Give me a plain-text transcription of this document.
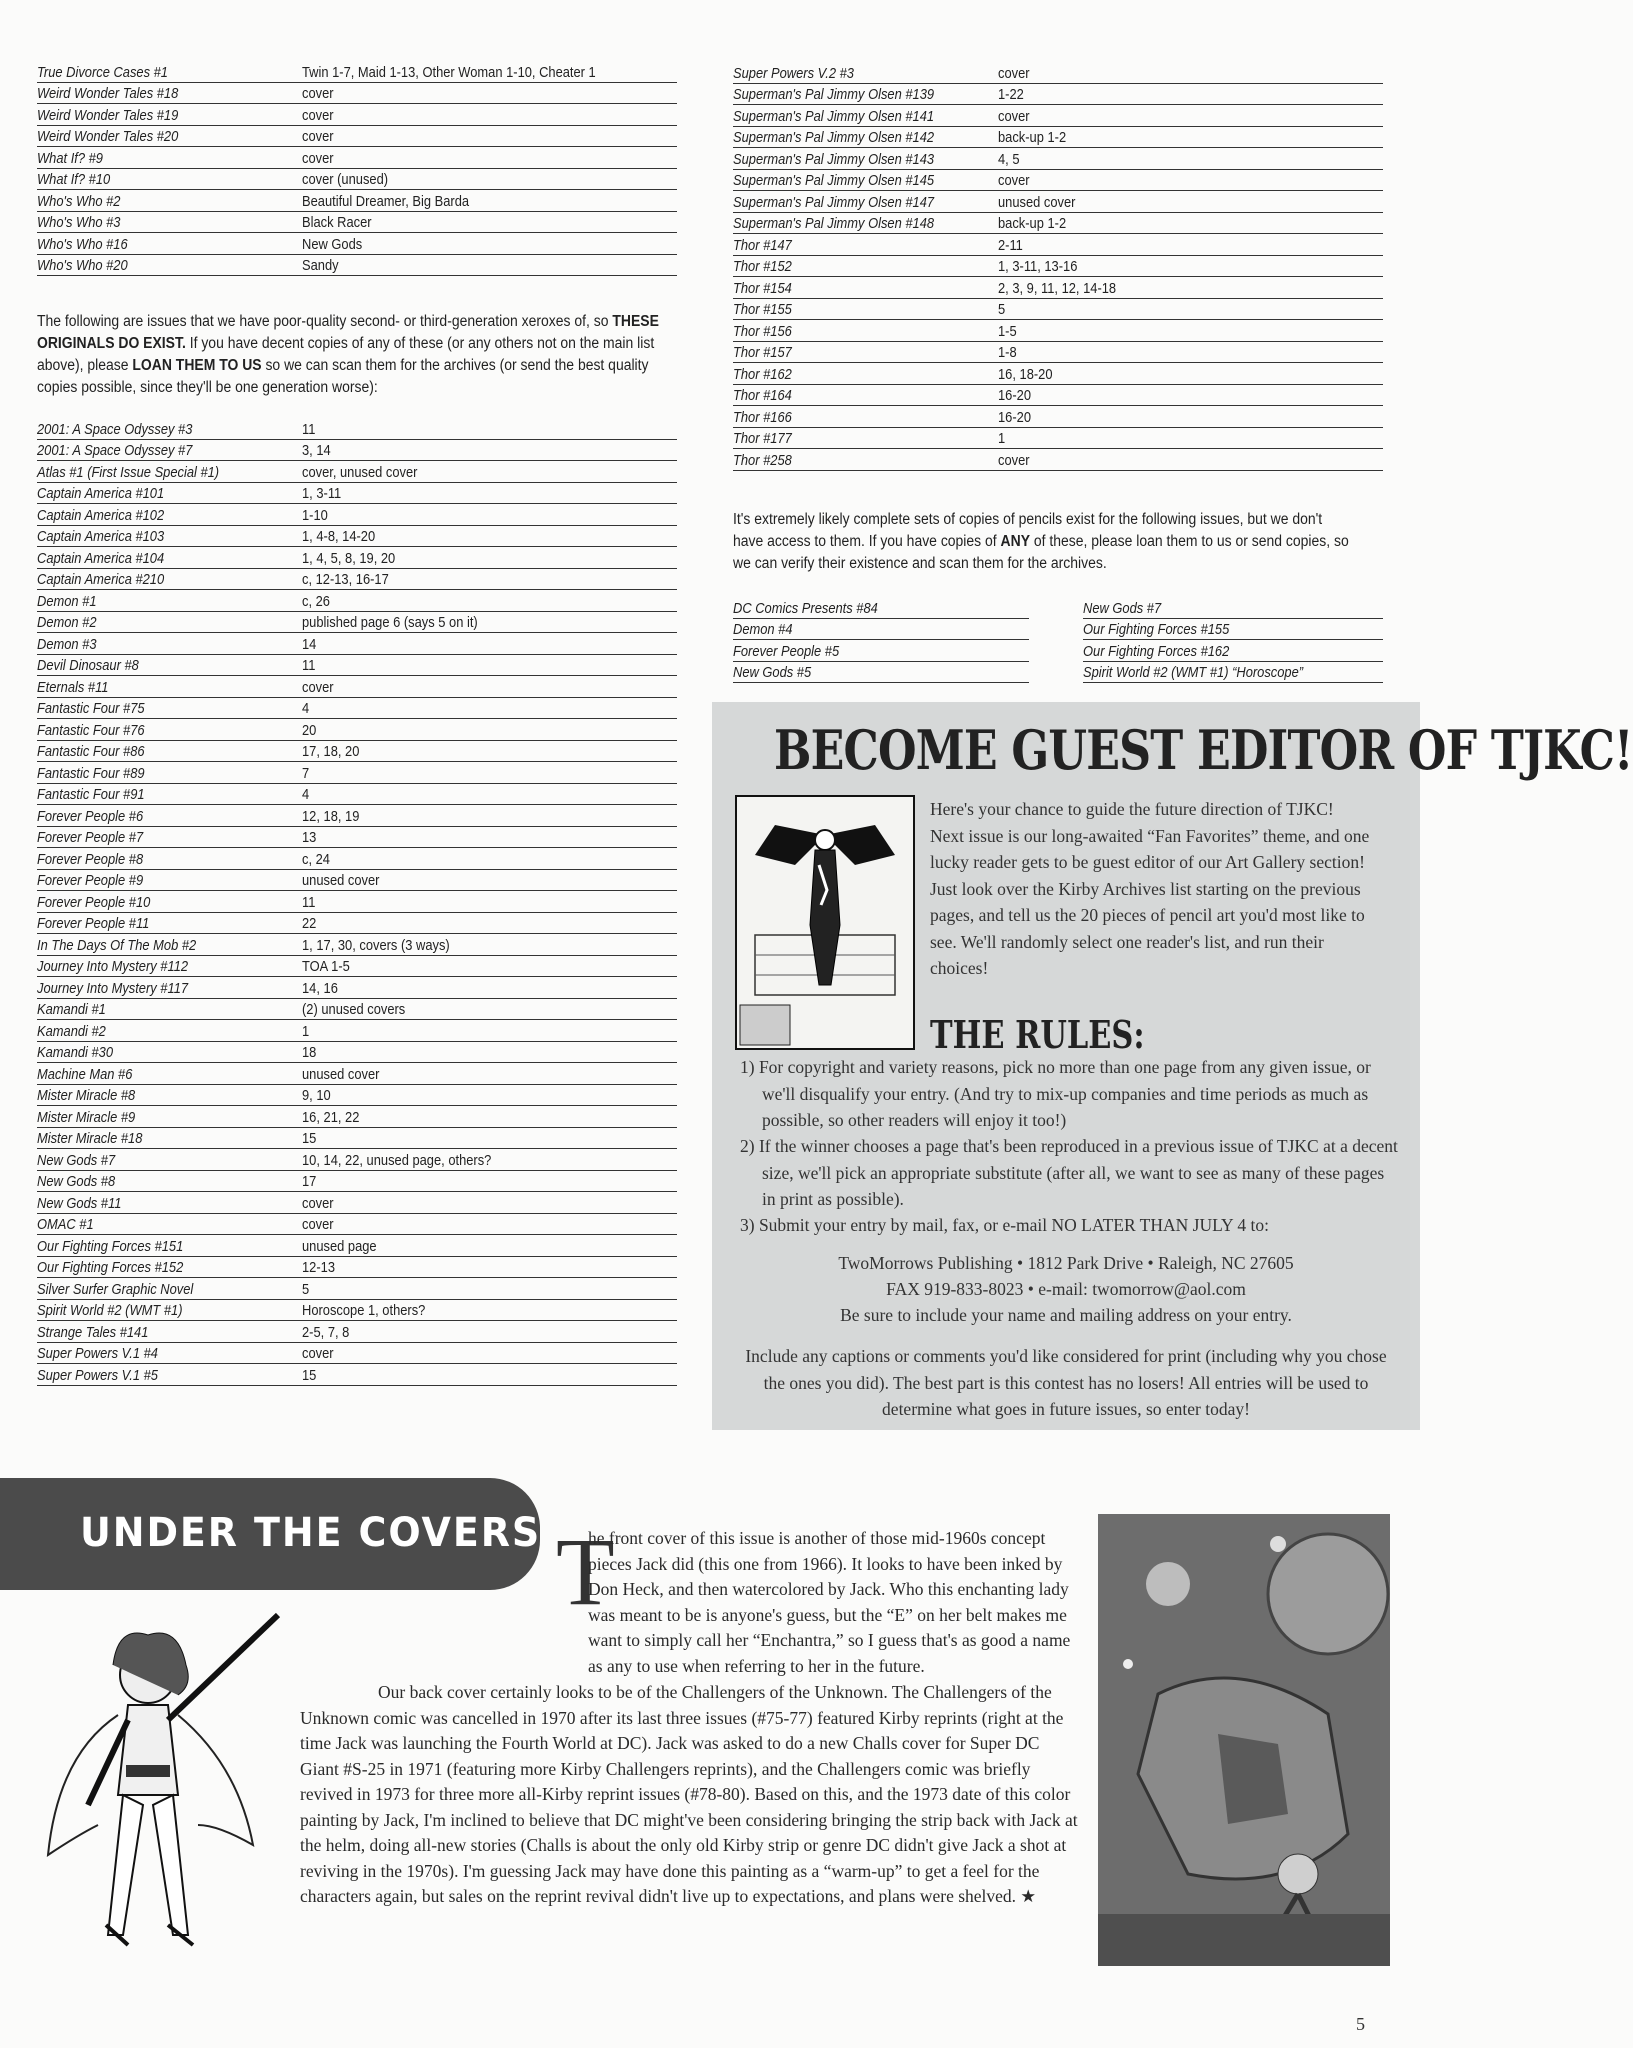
True Divorce Cases #1	Twin 1-7, Maid 1-13, Other Woman 1-10, Cheater 1
Weird Wonder Tales #18	cover
Weird Wonder Tales #19	cover
Weird Wonder Tales #20	cover
What If? #9	cover
What If? #10	cover (unused)
Who's Who #2	Beautiful Dreamer, Big Barda
Who's Who #3	Black Racer
Who's Who #16	New Gods
Who's Who #20	Sandy
The following are issues that we have poor-quality second- or third-generation xeroxes of, so THESE ORIGINALS DO EXIST. If you have decent copies of any of these (or any others not on the main list above), please LOAN THEM TO US so we can scan them for the archives (or send the best quality copies possible, since they'll be one generation worse):
2001: A Space Odyssey #3	11
2001: A Space Odyssey #7	3, 14
Atlas #1 (First Issue Special #1)	cover, unused cover
Captain America #101	1, 3-11
Captain America #102	1-10
Captain America #103	1, 4-8, 14-20
Captain America #104	1, 4, 5, 8, 19, 20
Captain America #210	c, 12-13, 16-17
Demon #1	c, 26
Demon #2	published page 6 (says 5 on it)
Demon #3	14
Devil Dinosaur #8	11
Eternals #11	cover
Fantastic Four #75	4
Fantastic Four #76	20
Fantastic Four #86	17, 18, 20
Fantastic Four #89	7
Fantastic Four #91	4
Forever People #6	12, 18, 19
Forever People #7	13
Forever People #8	c, 24
Forever People #9	unused cover
Forever People #10	11
Forever People #11	22
In The Days Of The Mob #2	1, 17, 30, covers (3 ways)
Journey Into Mystery #112	TOA 1-5
Journey Into Mystery #117	14, 16
Kamandi #1	(2) unused covers
Kamandi #2	1
Kamandi #30	18
Machine Man #6	unused cover
Mister Miracle #8	9, 10
Mister Miracle #9	16, 21, 22
Mister Miracle #18	15
New Gods #7	10, 14, 22, unused page, others?
New Gods #8	17
New Gods #11	cover
OMAC #1	cover
Our Fighting Forces #151	unused page
Our Fighting Forces #152	12-13
Silver Surfer Graphic Novel	5
Spirit World #2 (WMT #1)	Horoscope 1, others?
Strange Tales #141	2-5, 7, 8
Super Powers V.1 #4	cover
Super Powers V.1 #5	15
Super Powers V.2 #3	cover
Superman's Pal Jimmy Olsen #139	1-22
Superman's Pal Jimmy Olsen #141	cover
Superman's Pal Jimmy Olsen #142	back-up 1-2
Superman's Pal Jimmy Olsen #143	4, 5
Superman's Pal Jimmy Olsen #145	cover
Superman's Pal Jimmy Olsen #147	unused cover
Superman's Pal Jimmy Olsen #148	back-up 1-2
Thor #147	2-11
Thor #152	1, 3-11, 13-16
Thor #154	2, 3, 9, 11, 12, 14-18
Thor #155	5
Thor #156	1-5
Thor #157	1-8
Thor #162	16, 18-20
Thor #164	16-20
Thor #166	16-20
Thor #177	1
Thor #258	cover
It's extremely likely complete sets of copies of pencils exist for the following issues, but we don't have access to them. If you have copies of ANY of these, please loan them to us or send copies, so we can verify their existence and scan them for the archives.
DC Comics Presents #84
Demon #4
Forever People #5
New Gods #5
New Gods #7
Our Fighting Forces #155
Our Fighting Forces #162
Spirit World #2 (WMT #1) “Horoscope”
BECOME GUEST EDITOR OF TJKC!
Here's your chance to guide the future direction of TJKC! Next issue is our long-awaited “Fan Favorites” theme, and one lucky reader gets to be guest editor of our Art Gallery section! Just look over the Kirby Archives list starting on the previous pages, and tell us the 20 pieces of pencil art you'd most like to see. We'll randomly select one reader's list, and run their choices!
THE RULES:
1) For copyright and variety reasons, pick no more than one page from any given issue, or we'll disqualify your entry. (And try to mix-up companies and time periods as much as possible, so other readers will enjoy it too!)
2) If the winner chooses a page that's been reproduced in a previous issue of TJKC at a decent size, we'll pick an appropriate substitute (after all, we want to see as many of these pages in print as possible).
3) Submit your entry by mail, fax, or e-mail NO LATER THAN JULY 4 to:
TwoMorrows Publishing • 1812 Park Drive • Raleigh, NC 27605
FAX 919-833-8023 • e-mail: twomorrow@aol.com
Be sure to include your name and mailing address on your entry.
Include any captions or comments you'd like considered for print (including why you chose the ones you did). The best part is this contest has no losers! All entries will be used to determine what goes in future issues, so enter today!
UNDER THE COVERS T
he front cover of this issue is another of those mid-1960s concept pieces Jack did (this one from 1966). It looks to have been inked by Don Heck, and then watercolored by Jack. Who this enchanting lady was meant to be is anyone's guess, but the “E” on her belt makes me want to simply call her “Enchantra,” so I guess that's as good a name as any to use when referring to her in the future.
Our back cover certainly looks to be of the Challengers of the Unknown. The Challengers of the Unknown comic was cancelled in 1970 after its last three issues (#75-77) featured Kirby reprints (right at the time Jack was launching the Fourth World at DC). Jack was asked to do a new Challs cover for Super DC Giant #S-25 in 1971 (featuring more Kirby Challengers reprints), and the Challengers comic was briefly revived in 1973 for three more all-Kirby reprint issues (#78-80). Based on this, and the 1973 date of this color painting by Jack, I'm inclined to believe that DC might've been considering bringing the strip back with Jack at the helm, doing all-new stories (Challs is about the only old Kirby strip or genre DC didn't give Jack a shot at reviving in the 1970s). I'm guessing Jack may have done this painting as a “warm-up” to get a feel for the characters again, but sales on the reprint revival didn't live up to expectations, and plans were shelved. ★
5
